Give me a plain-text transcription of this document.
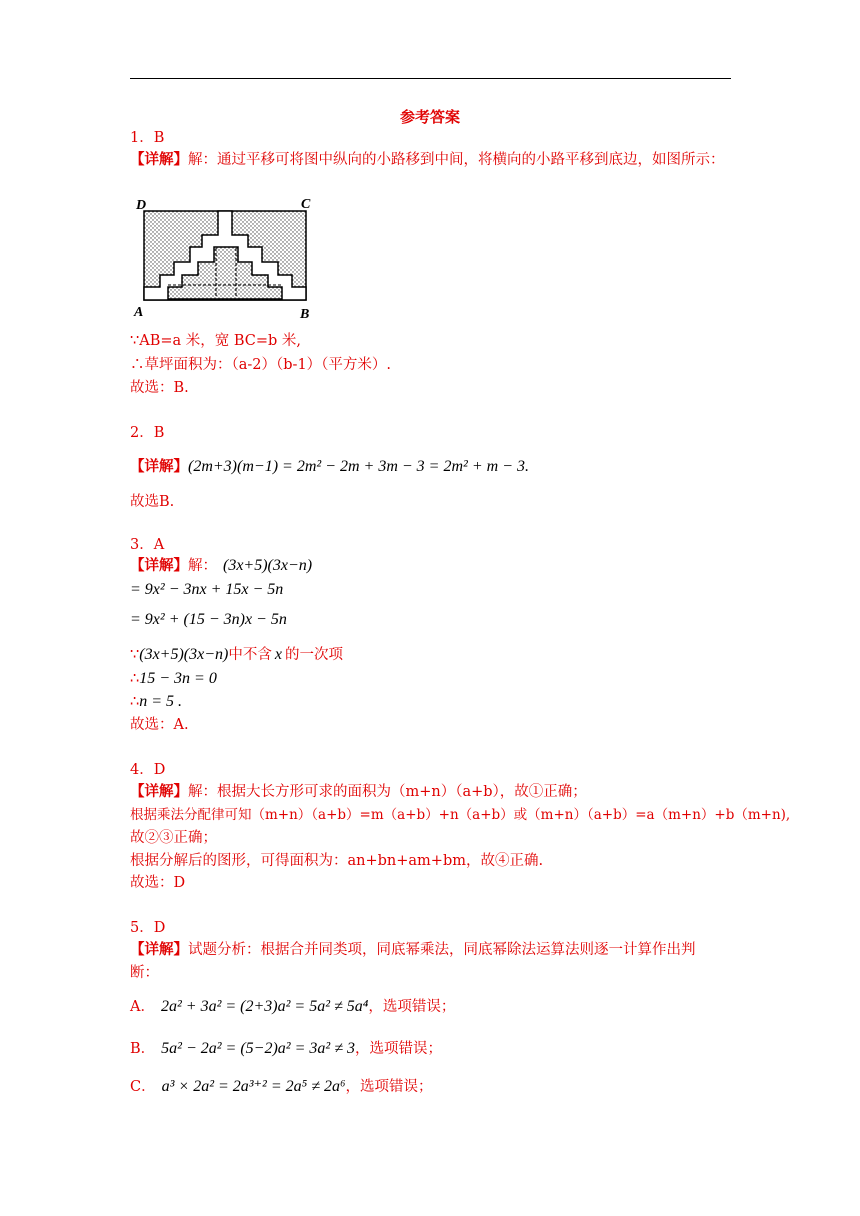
参考答案
1．B
【详解】解：通过平移可将图中纵向的小路移到中间，将横向的小路平移到底边，如图所示：
D	C
A	B
∵AB=a 米，宽 BC=b 米,
∴草坪面积为：（a-2）（b-1）（平方米）.
故选：B.
2．B
【详解】(2m+3)(m−1) = 2m² − 2m + 3m − 3 = 2m² + m − 3.
故选B.
3．A
【详解】解： (3x+5)(3x−n)
= 9x² − 3nx + 15x − 5n
= 9x² + (15 − 3n)x − 5n
∵(3x+5)(3x−n)中不含 x 的一次项
∴15 − 3n = 0
∴n = 5 .
故选：A.
4．D
【详解】解：根据大长方形可求的面积为（m+n）（a+b），故①正确；
根据乘法分配律可知（m+n）（a+b）=m（a+b）+n（a+b）或（m+n）（a+b）=a（m+n）+b（m+n),
故②③正确；
根据分解后的图形，可得面积为：an+bn+am+bm，故④正确.
故选：D
5．D
【详解】试题分析：根据合并同类项，同底幂乘法，同底幂除法运算法则逐一计算作出判
断：
A． 2a² + 3a² = (2+3)a² = 5a² ≠ 5a⁴，选项错误；
B． 5a² − 2a² = (5−2)a² = 3a² ≠ 3，选项错误；
C． a³ × 2a² = 2a³⁺² = 2a⁵ ≠ 2a⁶，选项错误；
